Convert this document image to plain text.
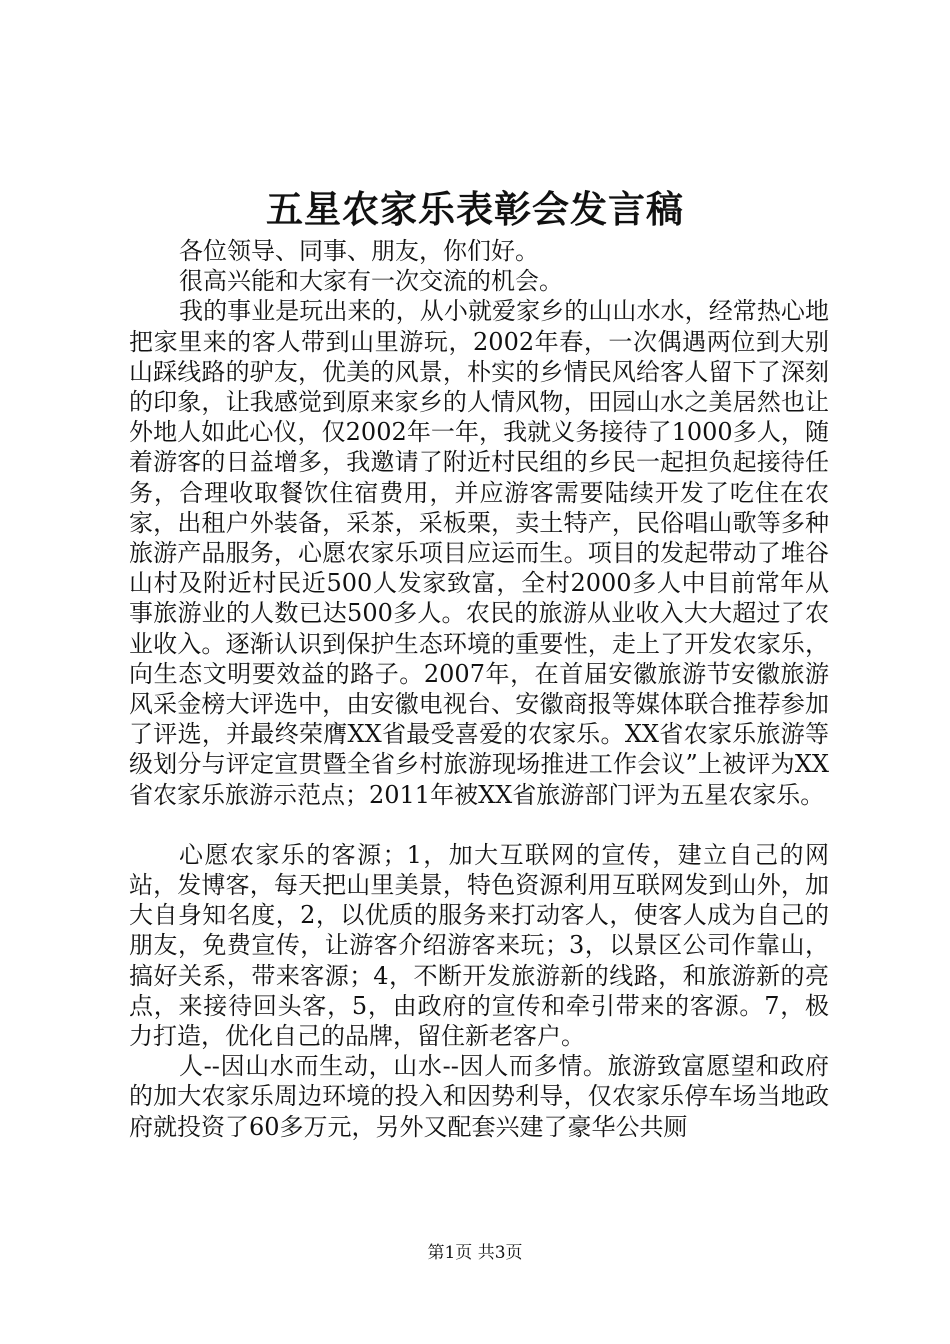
五星农家乐表彰会发言稿

各位领导、同事、朋友，你们好。

很高兴能和大家有一次交流的机会。

我的事业是玩出来的，从小就爱家乡的山山水水，经常热心地把家里来的客人带到山里游玩，2002年春，一次偶遇两位到大别山踩线路的驴友，优美的风景，朴实的乡情民风给客人留下了深刻的印象，让我感觉到原来家乡的人情风物，田园山水之美居然也让外地人如此心仪，仅2002年一年，我就义务接待了1000多人，随着游客的日益增多，我邀请了附近村民组的乡民一起担负起接待任务，合理收取餐饮住宿费用，并应游客需要陆续开发了吃住在农家，出租户外装备，采茶，采板栗，卖土特产，民俗唱山歌等多种旅游产品服务，心愿农家乐项目应运而生。项目的发起带动了堆谷山村及附近村民近500人发家致富，全村2000多人中目前常年从事旅游业的人数已达500多人。农民的旅游从业收入大大超过了农业收入。逐渐认识到保护生态环境的重要性，走上了开发农家乐，向生态文明要效益的路子。2007年，在首届安徽旅游节安徽旅游风采金榜大评选中，由安徽电视台、安徽商报等媒体联合推荐参加了评选，并最终荣膺XX省最受喜爱的农家乐。XX省农家乐旅游等级划分与评定宣贯暨全省乡村旅游现场推进工作会议”上被评为XX省农家乐旅游示范点；2011年被XX省旅游部门评为五星农家乐。

心愿农家乐的客源；1，加大互联网的宣传，建立自己的网站，发博客，每天把山里美景，特色资源利用互联网发到山外，加大自身知名度，2，以优质的服务来打动客人，使客人成为自己的朋友，免费宣传，让游客介绍游客来玩；3，以景区公司作靠山，搞好关系，带来客源；4，不断开发旅游新的线路，和旅游新的亮点，来接待回头客，5，由政府的宣传和牵引带来的客源。7，极力打造，优化自己的品牌，留住新老客户。

人--因山水而生动，山水--因人而多情。旅游致富愿望和政府的加大农家乐周边环境的投入和因势利导，仅农家乐停车场当地政府就投资了60多万元，另外又配套兴建了豪华公共厕

第1页 共3页
